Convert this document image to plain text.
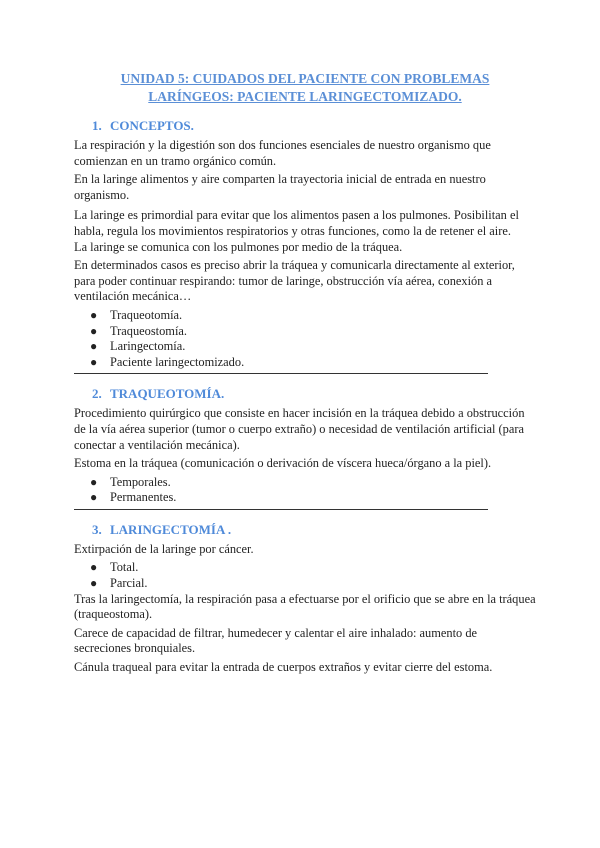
UNIDAD 5: CUIDADOS DEL PACIENTE CON PROBLEMAS
LARÍNGEOS: PACIENTE LARINGECTOMIZADO.
1. CONCEPTOS.

La respiración y la digestión son dos funciones esenciales de nuestro organismo que comienzan en un tramo orgánico común.

En la laringe alimentos y aire comparten la trayectoria inicial de entrada en nuestro organismo.

La laringe es primordial para evitar que los alimentos pasen a los pulmones. Posibilitan el habla, regula los movimientos respiratorios y otras funciones, como la de retener el aire.

La laringe se comunica con los pulmones por medio de la tráquea.

En determinados casos es preciso abrir la tráquea y comunicarla directamente al exterior, para poder continuar respirando: tumor de laringe, obstrucción vía aérea, conexión a ventilación mecánica…

● Traqueotomía.
● Traqueostomía.
● Laringectomía.
● Paciente laringectomizado.
2. TRAQUEOTOMÍA.

Procedimiento quirúrgico que consiste en hacer incisión en la tráquea debido a obstrucción de la vía aérea superior (tumor o cuerpo extraño) o necesidad de ventilación artificial (para conectar a ventilación mecánica).

Estoma en la tráquea (comunicación o derivación de víscera hueca/órgano a la piel).

● Temporales.
● Permanentes.
3. LARINGECTOMÍA .

Extirpación de la laringe por cáncer.

● Total.
● Parcial.

Tras la laringectomía, la respiración pasa a efectuarse por el orificio que se abre en la tráquea (traqueostoma).

Carece de capacidad de filtrar, humedecer y calentar el aire inhalado: aumento de secreciones bronquiales.

Cánula traqueal para evitar la entrada de cuerpos extraños y evitar cierre del estoma.
